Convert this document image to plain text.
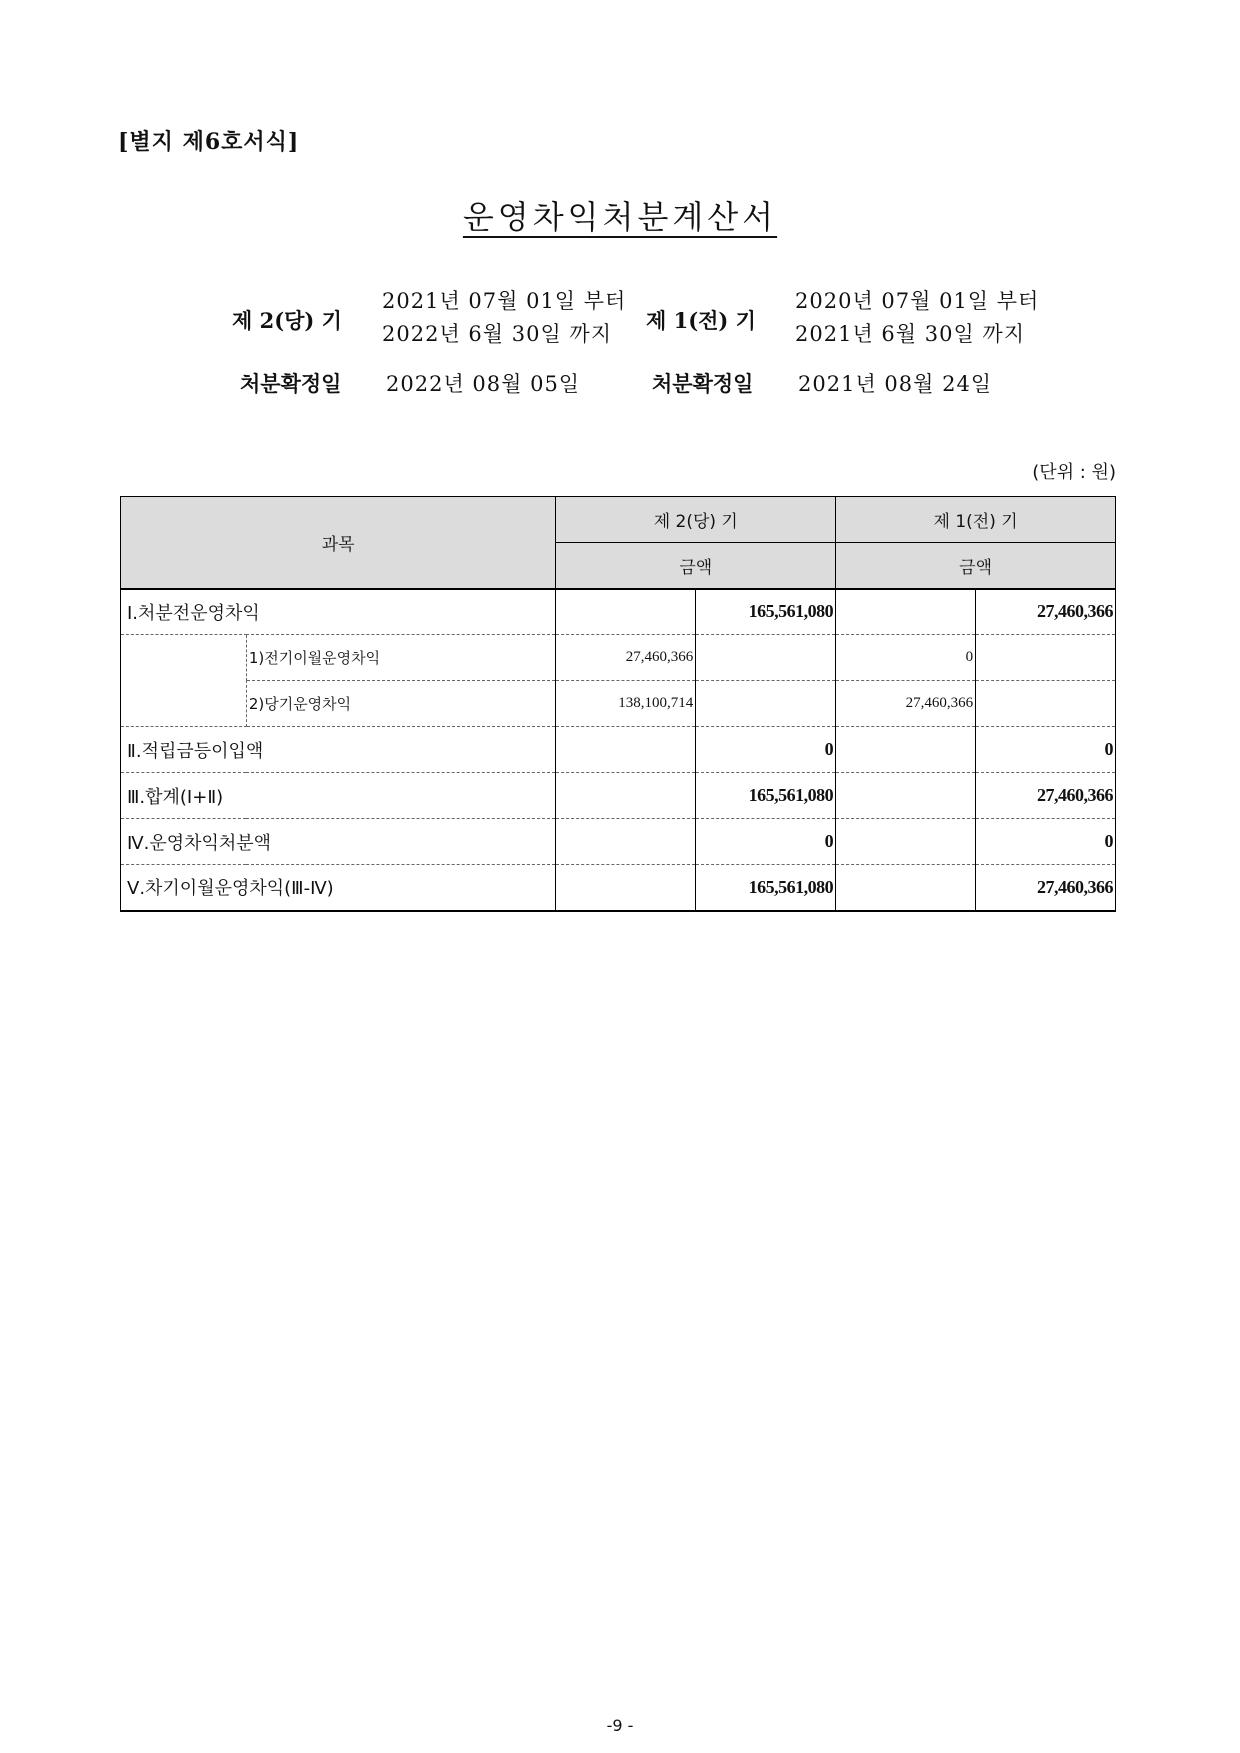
[별지 제6호서식]
운영차익처분계산서
제 2(당) 기
2021년 07월 01일 부터
2022년 6월 30일 까지
제 1(전) 기
2020년 07월 01일 부터
2021년 6월 30일 까지
처분확정일 2022년 08월 05일	처분확정일 2021년 08월 24일
(단위 : 원)
과목		제 2(당) 기		제 1(전) 기	
		금액		금액	
Ⅰ.처분전운영차익			165,561,080		27,460,366
	1)전기이월운영차익	27,460,366		0	
	2)당기운영차익	138,100,714		27,460,366	
Ⅱ.적립금등이입액			0		0
Ⅲ.합계(Ⅰ+Ⅱ)			165,561,080		27,460,366
Ⅳ.운영차익처분액			0		0
Ⅴ.차기이월운영차익(Ⅲ-Ⅳ)			165,561,080		27,460,366
-9 -
